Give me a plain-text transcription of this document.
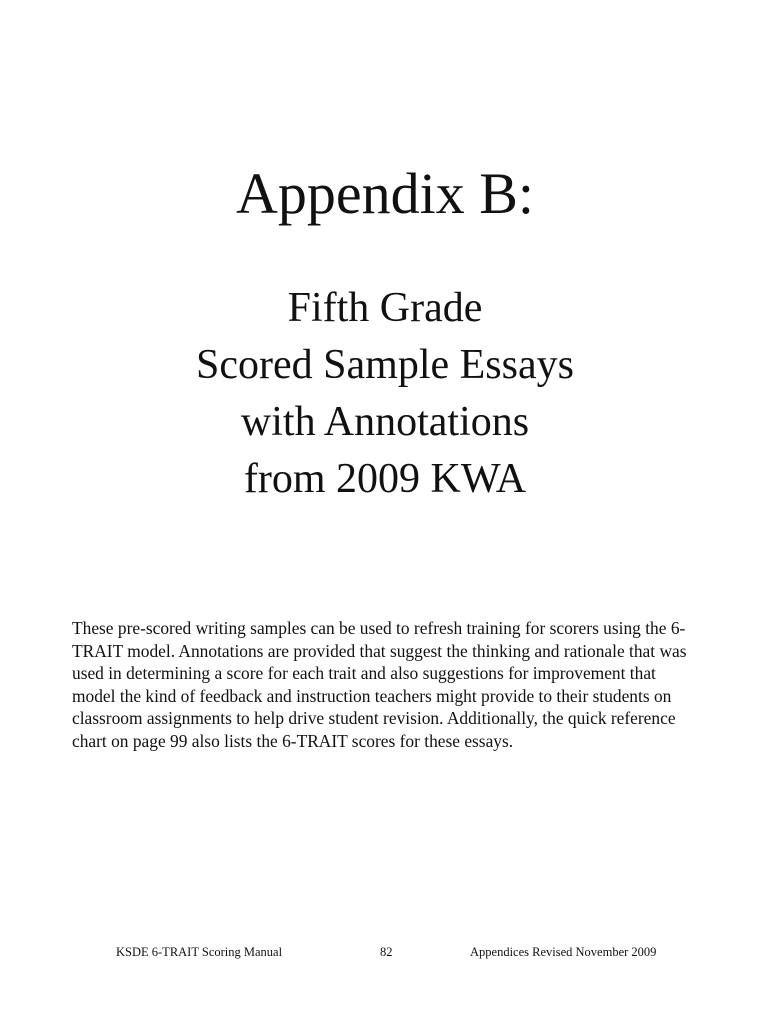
Appendix B:
Fifth Grade
Scored Sample Essays
with Annotations
from 2009 KWA

These pre-scored writing samples can be used to refresh training for scorers using the 6-
TRAIT model. Annotations are provided that suggest the thinking and rationale that was
used in determining a score for each trait and also suggestions for improvement that
model the kind of feedback and instruction teachers might provide to their students on
classroom assignments to help drive student revision. Additionally, the quick reference
chart on page 99 also lists the 6-TRAIT scores for these essays.

KSDE 6-TRAIT Scoring Manual	82	Appendices Revised November 2009
